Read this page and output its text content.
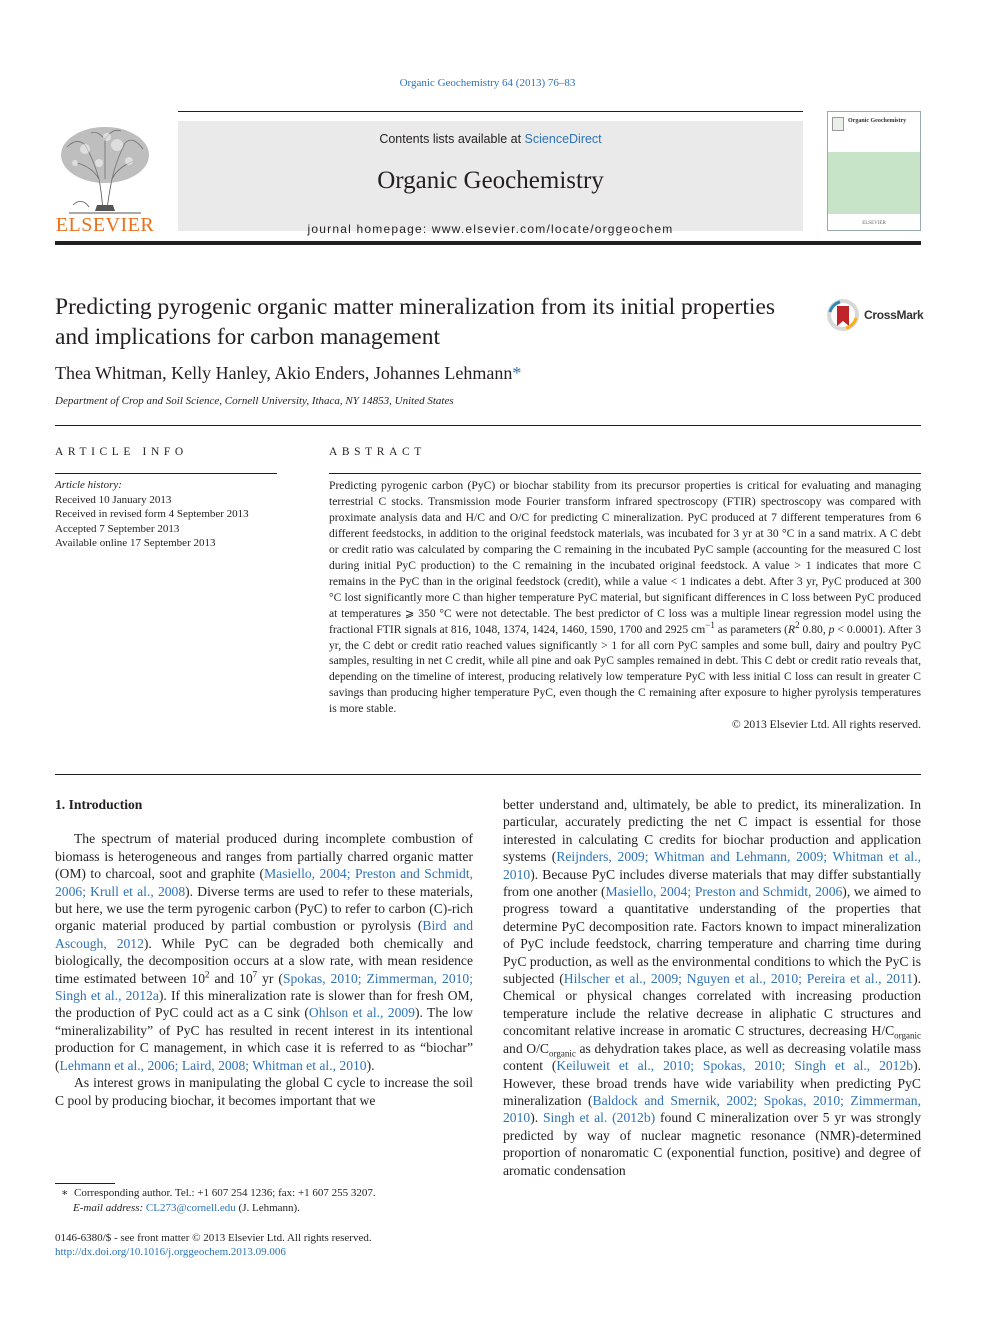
Organic Geochemistry 64 (2013) 76–83
ELSEVIER
Contents lists available at ScienceDirect
Organic Geochemistry
journal homepage: www.elsevier.com/locate/orggeochem
Organic Geochemistry
ELSEVIER
Predicting pyrogenic organic matter mineralization from its initial properties and implications for carbon management
CrossMark
Thea Whitman, Kelly Hanley, Akio Enders, Johannes Lehmann*
Department of Crop and Soil Science, Cornell University, Ithaca, NY 14853, United States
ARTICLE INFO	ABSTRACT
Article history:
Received 10 January 2013
Received in revised form 4 September 2013
Accepted 7 September 2013
Available online 17 September 2013
Predicting pyrogenic carbon (PyC) or biochar stability from its precursor properties is critical for evaluating and managing terrestrial C stocks. Transmission mode Fourier transform infrared spectroscopy (FTIR) spectroscopy was compared with proximate analysis data and H/C and O/C for predicting C mineralization. PyC produced at 7 different temperatures from 6 different feedstocks, in addition to the original feedstock materials, was incubated for 3 yr at 30 °C in a sand matrix. A C debt or credit ratio was calculated by comparing the C remaining in the incubated PyC sample (accounting for the measured C lost during initial PyC production) to the C remaining in the incubated original feedstock. A value > 1 indicates that more C remains in the PyC than in the original feedstock (credit), while a value < 1 indicates a debt. After 3 yr, PyC produced at 300 °C lost significantly more C than higher temperature PyC material, but significant differences in C loss between PyC produced at temperatures ⩾ 350 °C were not detectable. The best predictor of C loss was a multiple linear regression model using the fractional FTIR signals at 816, 1048, 1374, 1424, 1460, 1590, 1700 and 2925 $cm^{-1}$ as parameters ($R^2$ 0.80, p < 0.0001). After 3 yr, the C debt or credit ratio reached values significantly > 1 for all corn PyC samples and some bull, dairy and poultry PyC samples, resulting in net C credit, while all pine and oak PyC samples remained in debt. This C debt or credit ratio reveals that, depending on the timeline of interest, producing relatively low temperature PyC with less initial C loss can result in greater C savings than producing higher temperature PyC, even though the C remaining after exposure to higher pyrolysis temperatures is more stable.
© 2013 Elsevier Ltd. All rights reserved.
1. Introduction

The spectrum of material produced during incomplete combustion of biomass is heterogeneous and ranges from partially charred organic matter (OM) to charcoal, soot and graphite (Masiello, 2004; Preston and Schmidt, 2006; Krull et al., 2008). Diverse terms are used to refer to these materials, but here, we use the term pyrogenic carbon (PyC) to refer to carbon (C)-rich organic material produced by partial combustion or pyrolysis (Bird and Ascough, 2012). While PyC can be degraded both chemically and biologically, the decomposition occurs at a slow rate, with mean residence time estimated between $10^2$ and $10^7$ yr (Spokas, 2010; Zimmerman, 2010; Singh et al., 2012a). If this mineralization rate is slower than for fresh OM, the production of PyC could act as a C sink (Ohlson et al., 2009). The low “mineralizability” of PyC has resulted in recent interest in its intentional production for C management, in which case it is referred to as “biochar” (Lehmann et al., 2006; Laird, 2008; Whitman et al., 2010).

As interest grows in manipulating the global C cycle to increase the soil C pool by producing biochar, it becomes important that we

better understand and, ultimately, be able to predict, its mineralization. In particular, accurately predicting the net C impact is essential for those interested in calculating C credits for biochar production and application systems (Reijnders, 2009; Whitman and Lehmann, 2009; Whitman et al., 2010). Because PyC includes diverse materials that may differ substantially from one another (Masiello, 2004; Preston and Schmidt, 2006), we aimed to progress toward a quantitative understanding of the properties that determine PyC decomposition rate. Factors known to impact mineralization of PyC include feedstock, charring temperature and charring time during PyC production, as well as the environmental conditions to which the PyC is subjected (Hilscher et al., 2009; Nguyen et al., 2010; Pereira et al., 2011). Chemical or physical changes correlated with increasing production temperature include the relative decrease in aliphatic C structures and concomitant relative increase in aromatic C structures, decreasing $H/C_{organic}$ and $O/C_{organic}$ as dehydration takes place, as well as decreasing volatile mass content (Keiluweit et al., 2010; Spokas, 2010; Singh et al., 2012b). However, these broad trends have wide variability when predicting PyC mineralization (Baldock and Smernik, 2002; Spokas, 2010; Zimmerman, 2010). Singh et al. (2012b) found C mineralization over 5 yr was strongly predicted by way of nuclear magnetic resonance (NMR)-determined proportion of nonaromatic C (exponential function, positive) and degree of aromatic condensation

∗  Corresponding author. Tel.: +1 607 254 1236; fax: +1 607 255 3207.
E-mail address: CL273@cornell.edu (J. Lehmann).
0146-6380/$ - see front matter © 2013 Elsevier Ltd. All rights reserved.
http://dx.doi.org/10.1016/j.orggeochem.2013.09.006
